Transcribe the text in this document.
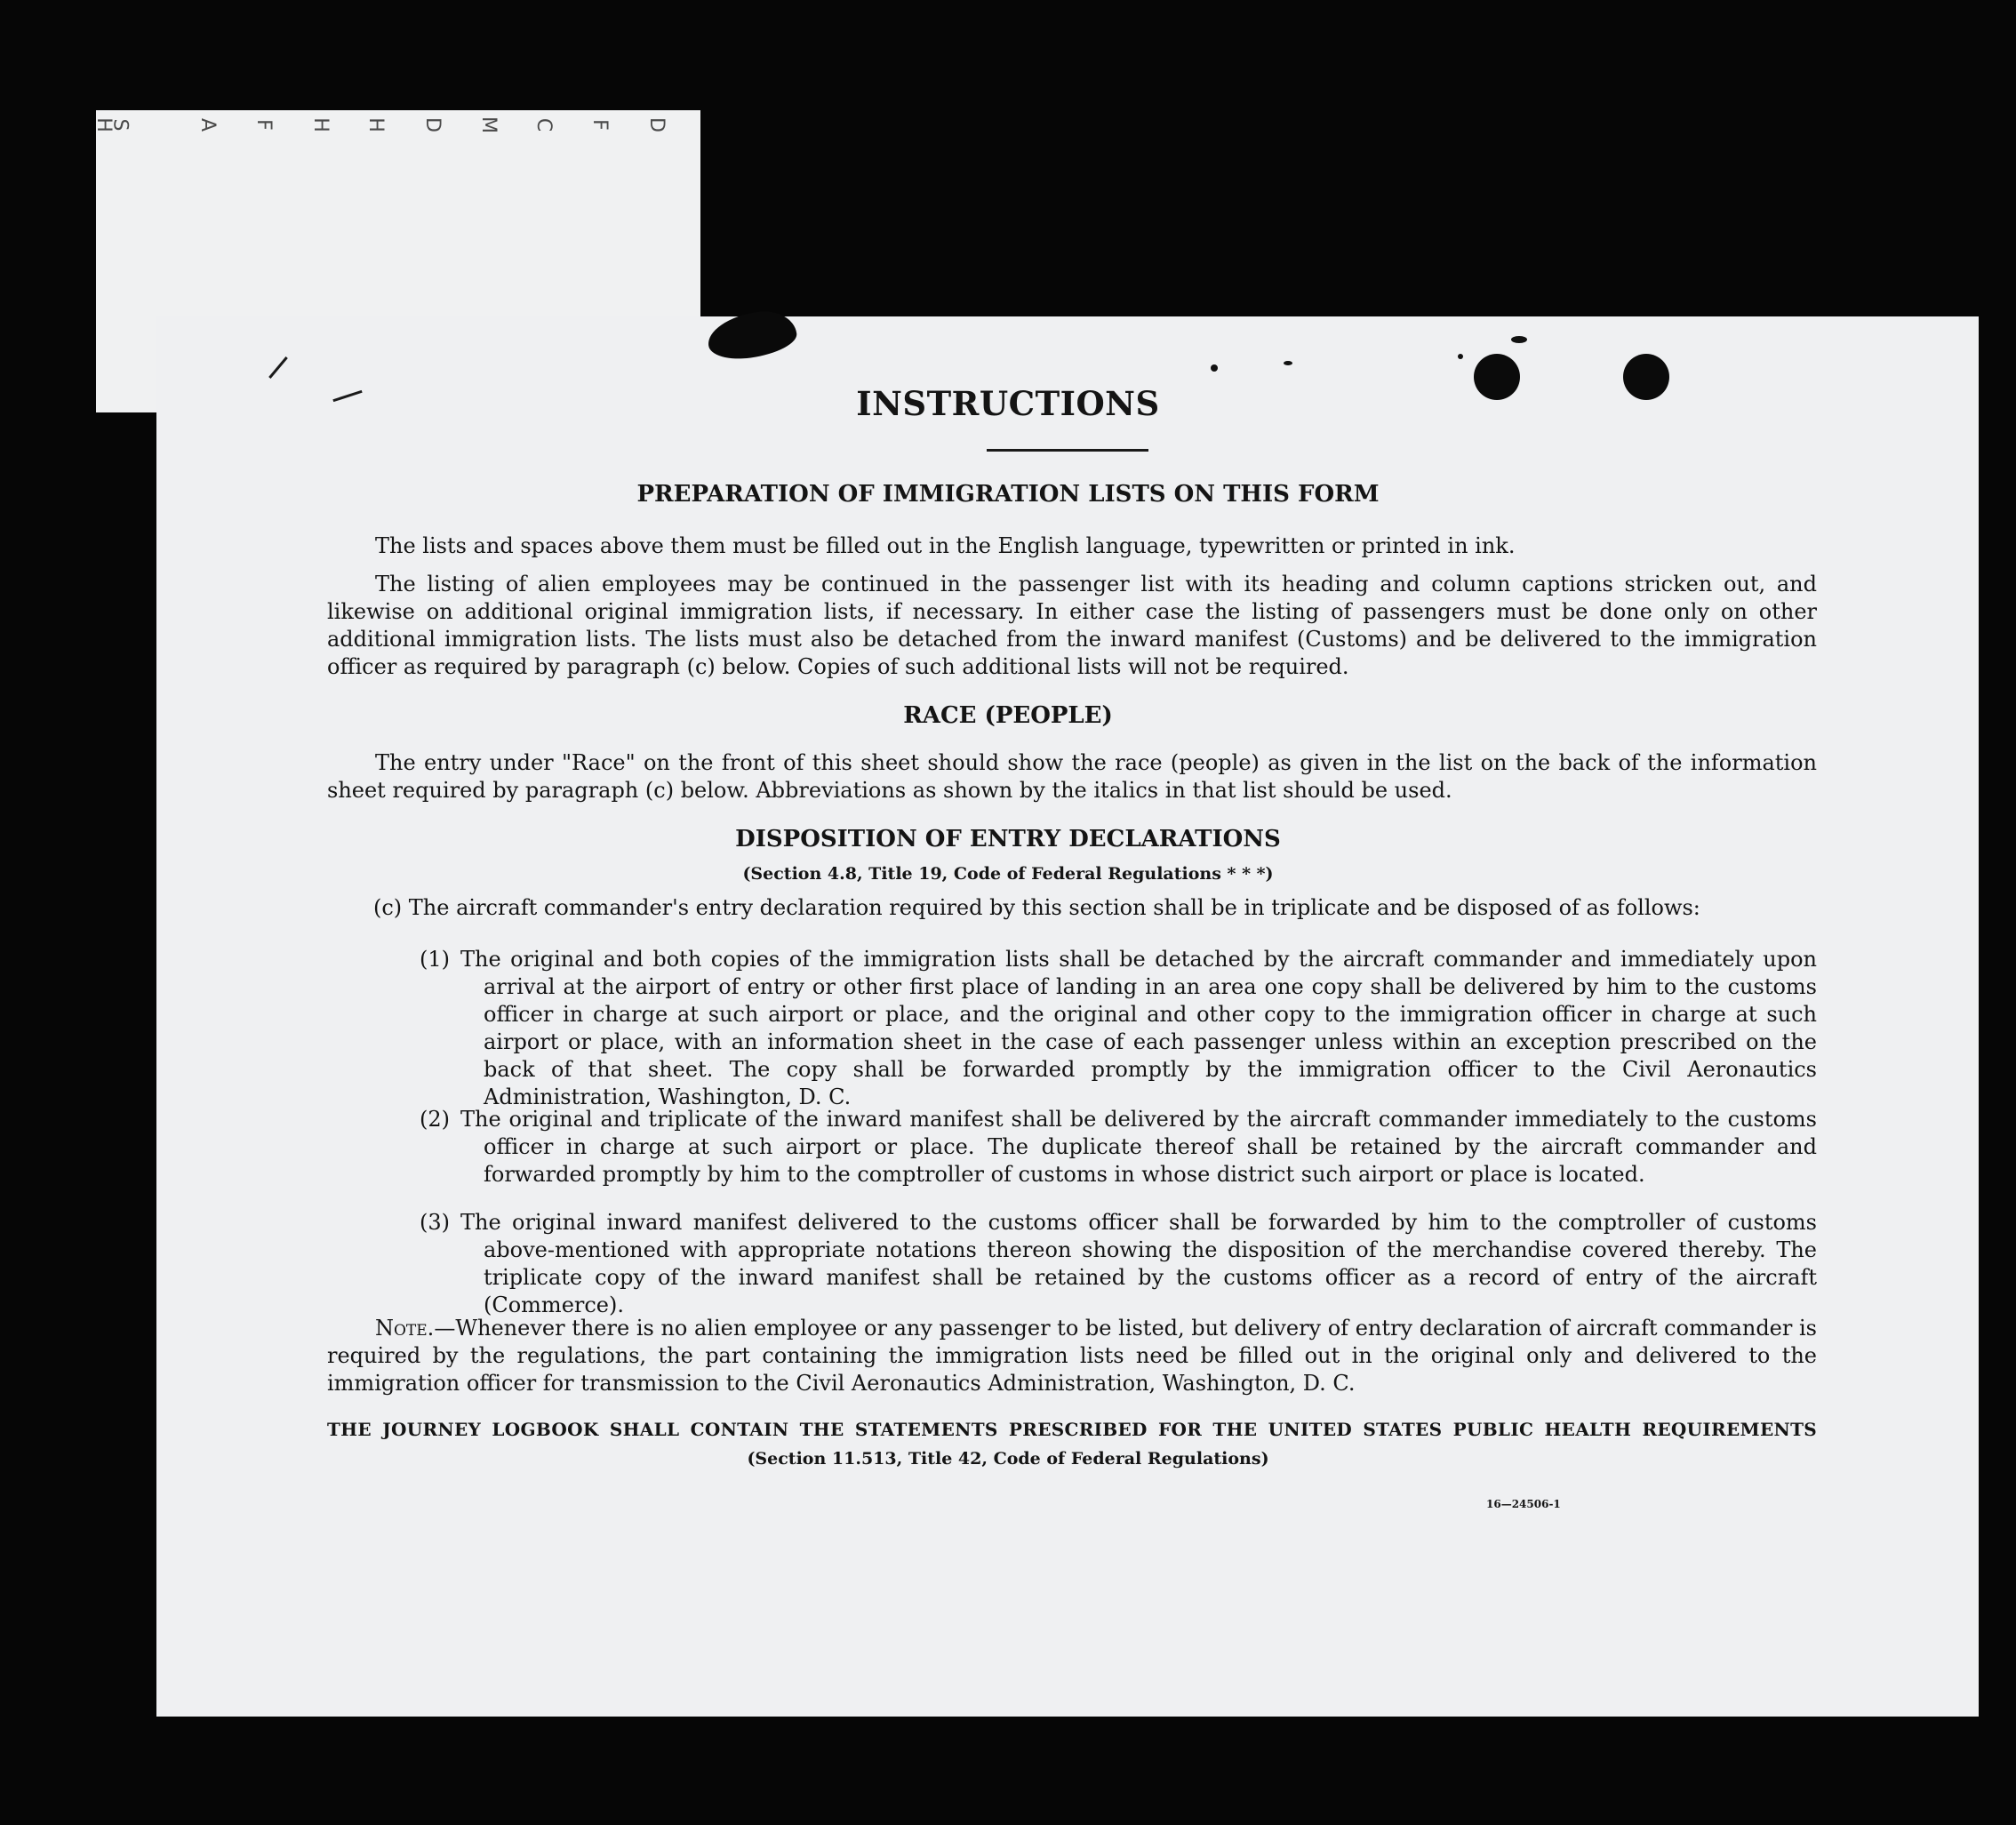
H
S	A F H H D M C F D
INSTRUCTIONS
PREPARATION OF IMMIGRATION LISTS ON THIS FORM
The lists and spaces above them must be filled out in the English language, typewritten or printed in ink.
The listing of alien employees may be continued in the passenger list with its heading and column captions stricken out, and likewise on additional original immigration lists, if necessary. In either case the listing of passengers must be done only on other additional immigration lists. The lists must also be detached from the inward manifest (Customs) and be delivered to the immigration officer as required by paragraph (c) below. Copies of such additional lists will not be required.
RACE (PEOPLE)
The entry under "Race" on the front of this sheet should show the race (people) as given in the list on the back of the information sheet required by paragraph (c) below. Abbreviations as shown by the italics in that list should be used.
DISPOSITION OF ENTRY DECLARATIONS
(Section 4.8, Title 19, Code of Federal Regulations * * *)
(c) The aircraft commander's entry declaration required by this section shall be in triplicate and be disposed of as follows:
(1) The original and both copies of the immigration lists shall be detached by the aircraft commander and immediately upon arrival at the airport of entry or other first place of landing in an area one copy shall be delivered by him to the customs officer in charge at such airport or place, and the original and other copy to the immigration officer in charge at such airport or place, with an information sheet in the case of each passenger unless within an exception prescribed on the back of that sheet. The copy shall be forwarded promptly by the immigration officer to the Civil Aeronautics Administration, Washington, D. C.
(2) The original and triplicate of the inward manifest shall be delivered by the aircraft commander immediately to the customs officer in charge at such airport or place. The duplicate thereof shall be retained by the aircraft commander and forwarded promptly by him to the comptroller of customs in whose district such airport or place is located.
(3) The original inward manifest delivered to the customs officer shall be forwarded by him to the comptroller of customs above-mentioned with appropriate notations thereon showing the disposition of the merchandise covered thereby. The triplicate copy of the inward manifest shall be retained by the customs officer as a record of entry of the aircraft (Commerce).
Note.—Whenever there is no alien employee or any passenger to be listed, but delivery of entry declaration of aircraft commander is required by the regulations, the part containing the immigration lists need be filled out in the original only and delivered to the immigration officer for transmission to the Civil Aeronautics Administration, Washington, D. C.
THE JOURNEY LOGBOOK SHALL CONTAIN THE STATEMENTS PRESCRIBED FOR THE UNITED STATES PUBLIC HEALTH REQUIREMENTS
(Section 11.513, Title 42, Code of Federal Regulations)
16—24506-1
